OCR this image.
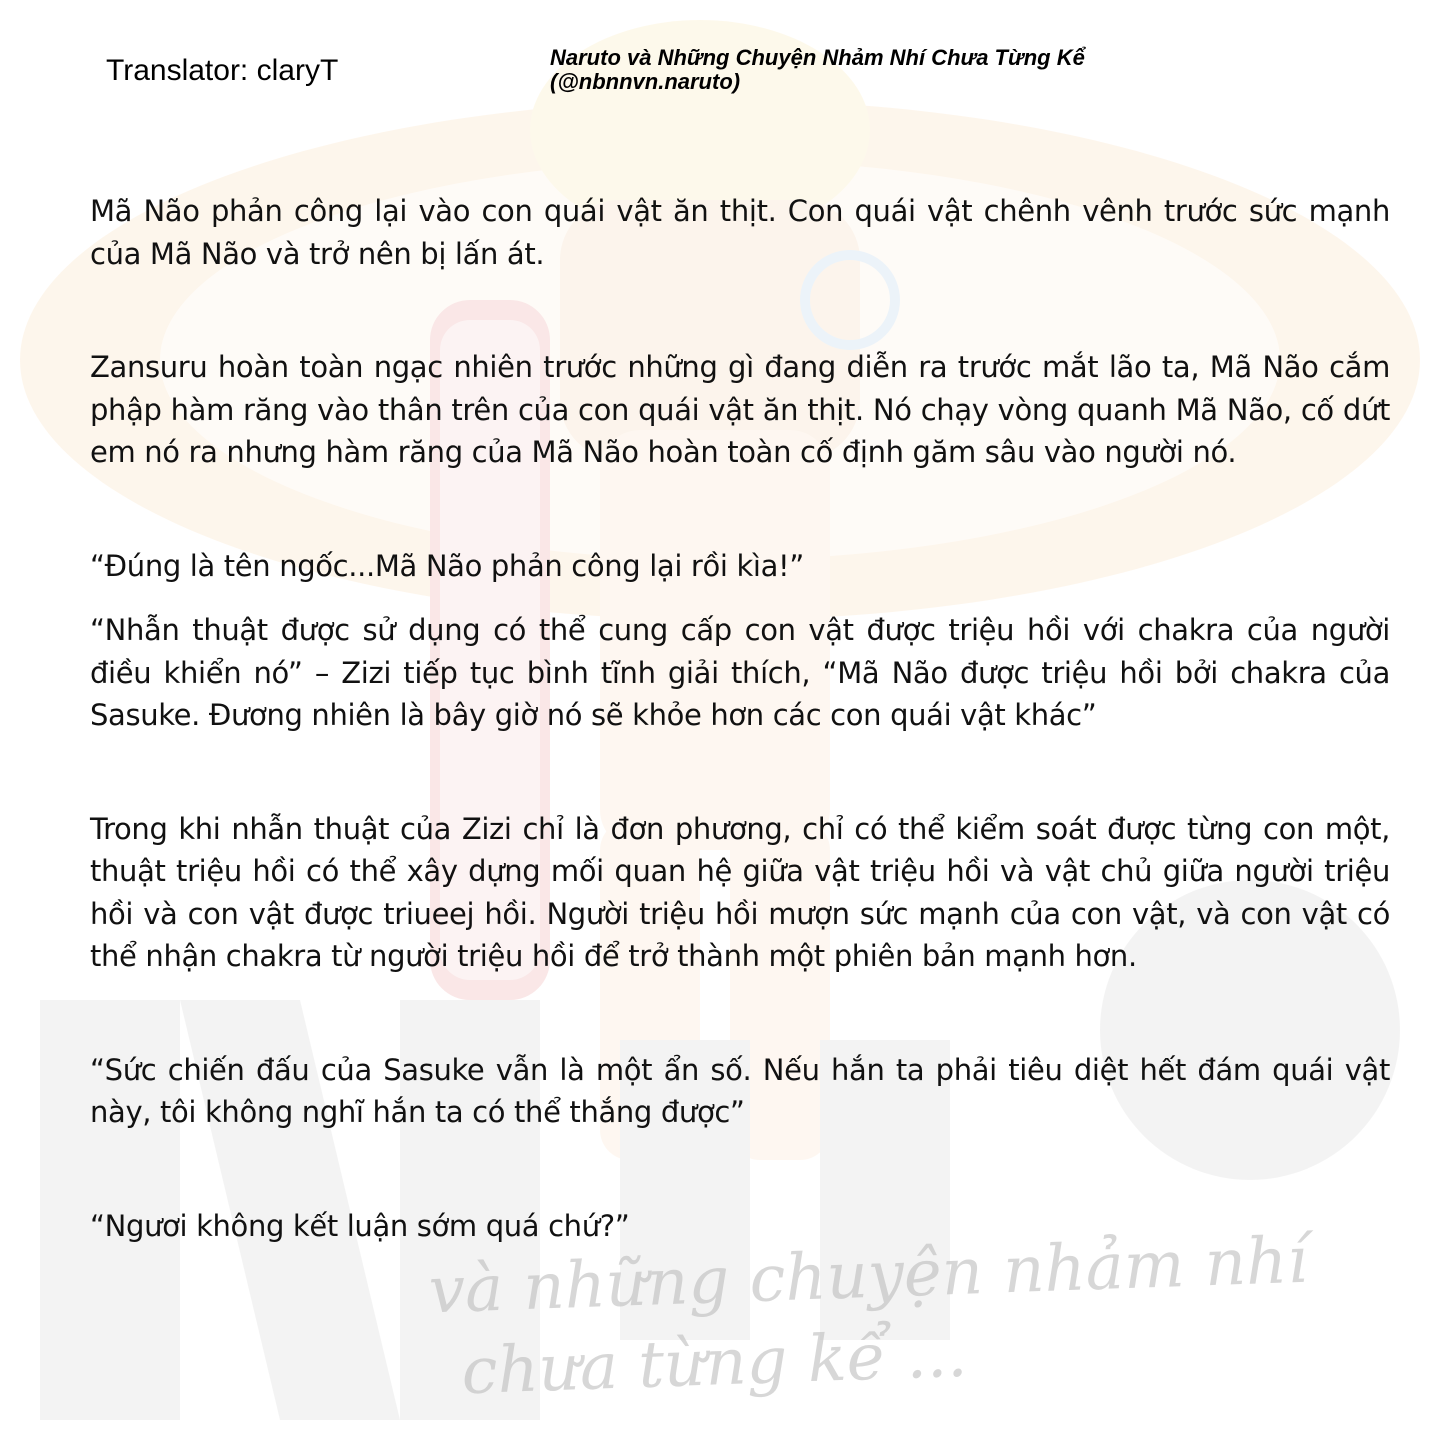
và những chuyện nhảm nhí
chưa từng kể ...
Translator: claryT	Naruto và Những Chuyện Nhảm Nhí Chưa Từng Kể
(@nbnnvn.naruto)

Mã Não phản công lại vào con quái vật ăn thịt. Con quái vật chênh vênh trước sức mạnh của Mã Não và trở nên bị lấn át.

Zansuru hoàn toàn ngạc nhiên trước những gì đang diễn ra trước mắt lão ta, Mã Não cắm phập hàm răng vào thân trên của con quái vật ăn thịt. Nó chạy vòng quanh Mã Não, cố dứt em nó ra nhưng hàm răng của Mã Não hoàn toàn cố định găm sâu vào người nó.

“Đúng là tên ngốc...Mã Não phản công lại rồi kìa!”

“Nhẫn thuật được sử dụng có thể cung cấp con vật được triệu hồi với chakra của người điều khiển nó” – Zizi tiếp tục bình tĩnh giải thích, “Mã Não được triệu hồi bởi chakra của Sasuke. Đương nhiên là bây giờ nó sẽ khỏe hơn các con quái vật khác”

Trong khi nhẫn thuật của Zizi chỉ là đơn phương, chỉ có thể kiểm soát được từng con một, thuật triệu hồi có thể xây dựng mối quan hệ giữa vật triệu hồi và vật chủ giữa người triệu hồi và con vật được triueej hồi. Người triệu hồi mượn sức mạnh của con vật, và con vật có thể nhận chakra từ người triệu hồi để trở thành một phiên bản mạnh hơn.

“Sức chiến đấu của Sasuke vẫn là một ẩn số. Nếu hắn ta phải tiêu diệt hết đám quái vật này, tôi không nghĩ hắn ta có thể thắng được”

“Ngươi không kết luận sớm quá chứ?”
